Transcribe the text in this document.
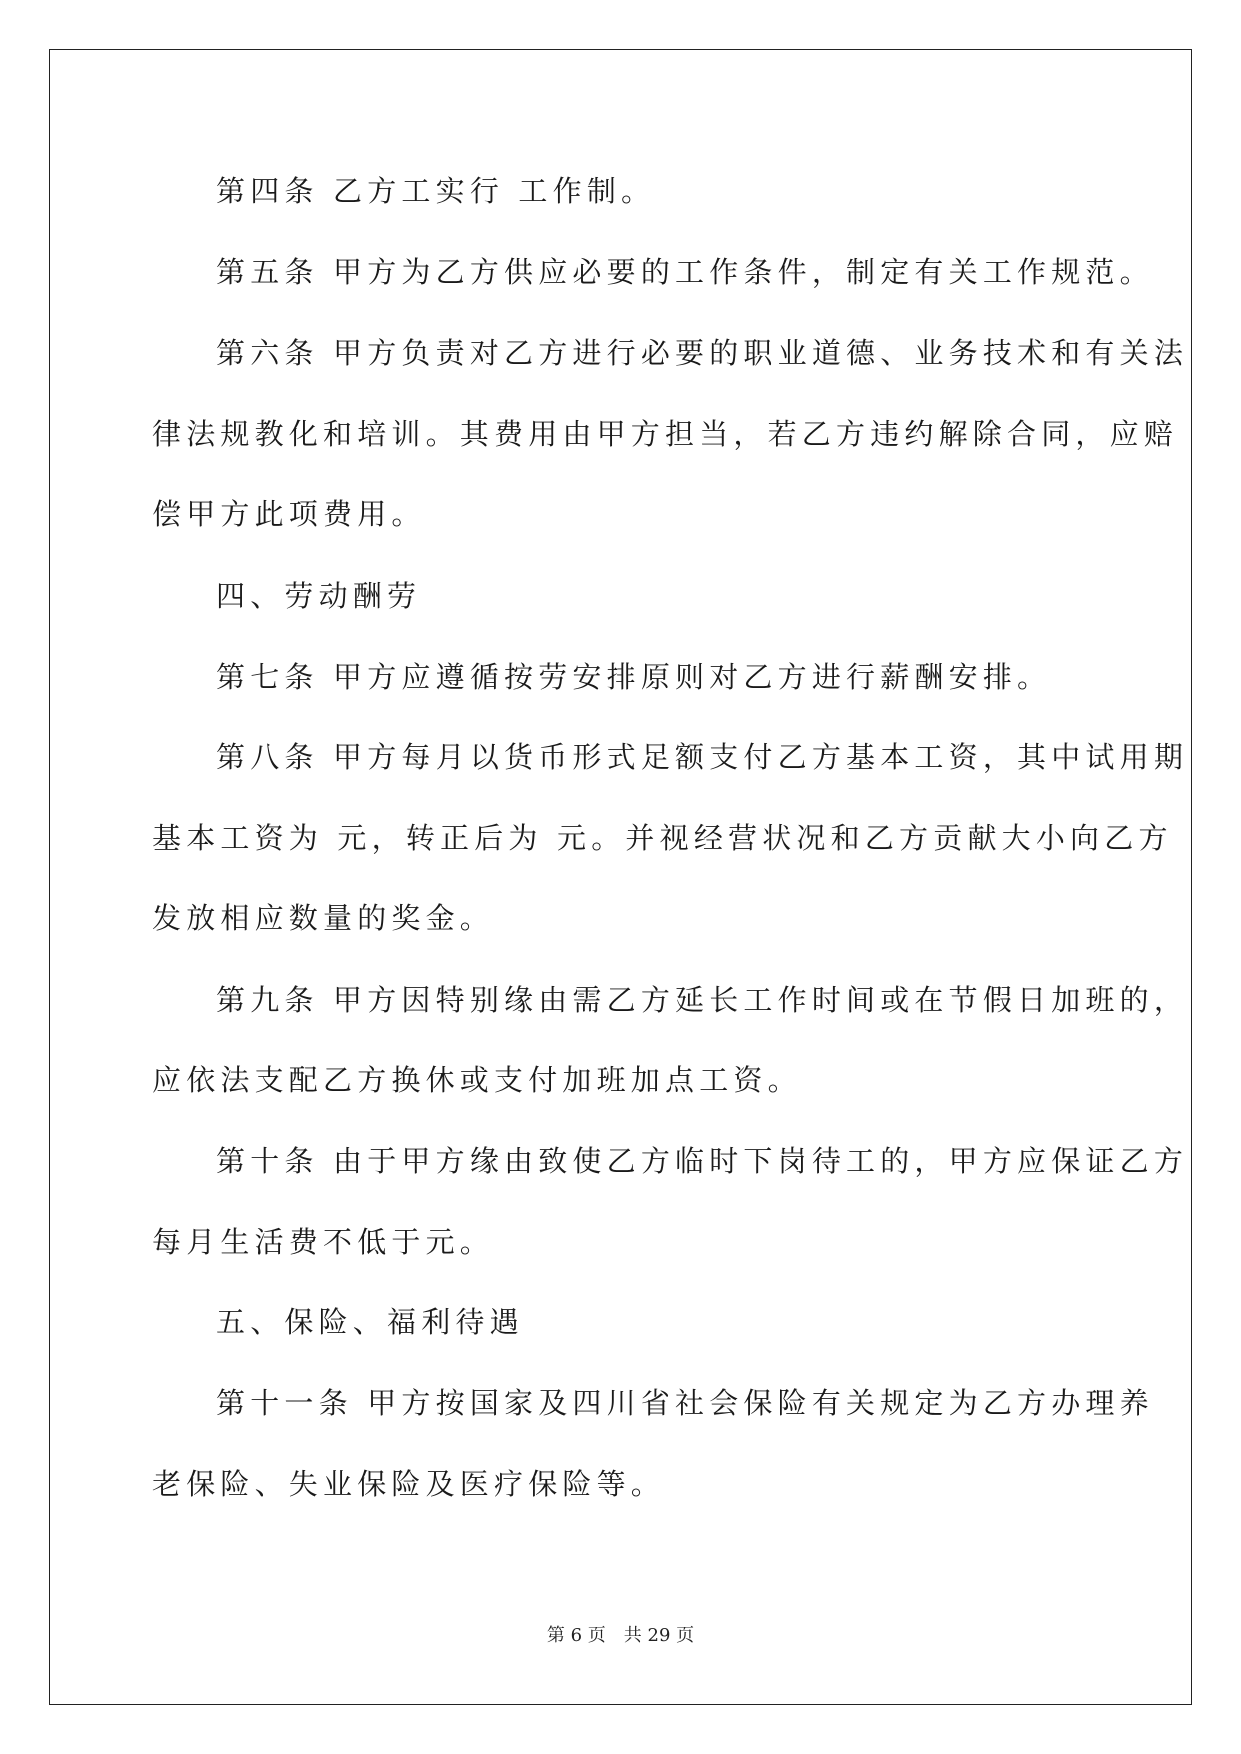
第四条 乙方工实行 工作制。
第五条 甲方为乙方供应必要的工作条件，制定有关工作规范。
第六条 甲方负责对乙方进行必要的职业道德、业务技术和有关法
律法规教化和培训。其费用由甲方担当，若乙方违约解除合同，应赔
偿甲方此项费用。
四、劳动酬劳
第七条 甲方应遵循按劳安排原则对乙方进行薪酬安排。
第八条 甲方每月以货币形式足额支付乙方基本工资，其中试用期
基本工资为 元，转正后为 元。并视经营状况和乙方贡献大小向乙方
发放相应数量的奖金。
第九条 甲方因特别缘由需乙方延长工作时间或在节假日加班的，
应依法支配乙方换休或支付加班加点工资。
第十条 由于甲方缘由致使乙方临时下岗待工的，甲方应保证乙方
每月生活费不低于元。
五、保险、福利待遇
第十一条 甲方按国家及四川省社会保险有关规定为乙方办理养
老保险、失业保险及医疗保险等。
第 6 页　共 29 页
